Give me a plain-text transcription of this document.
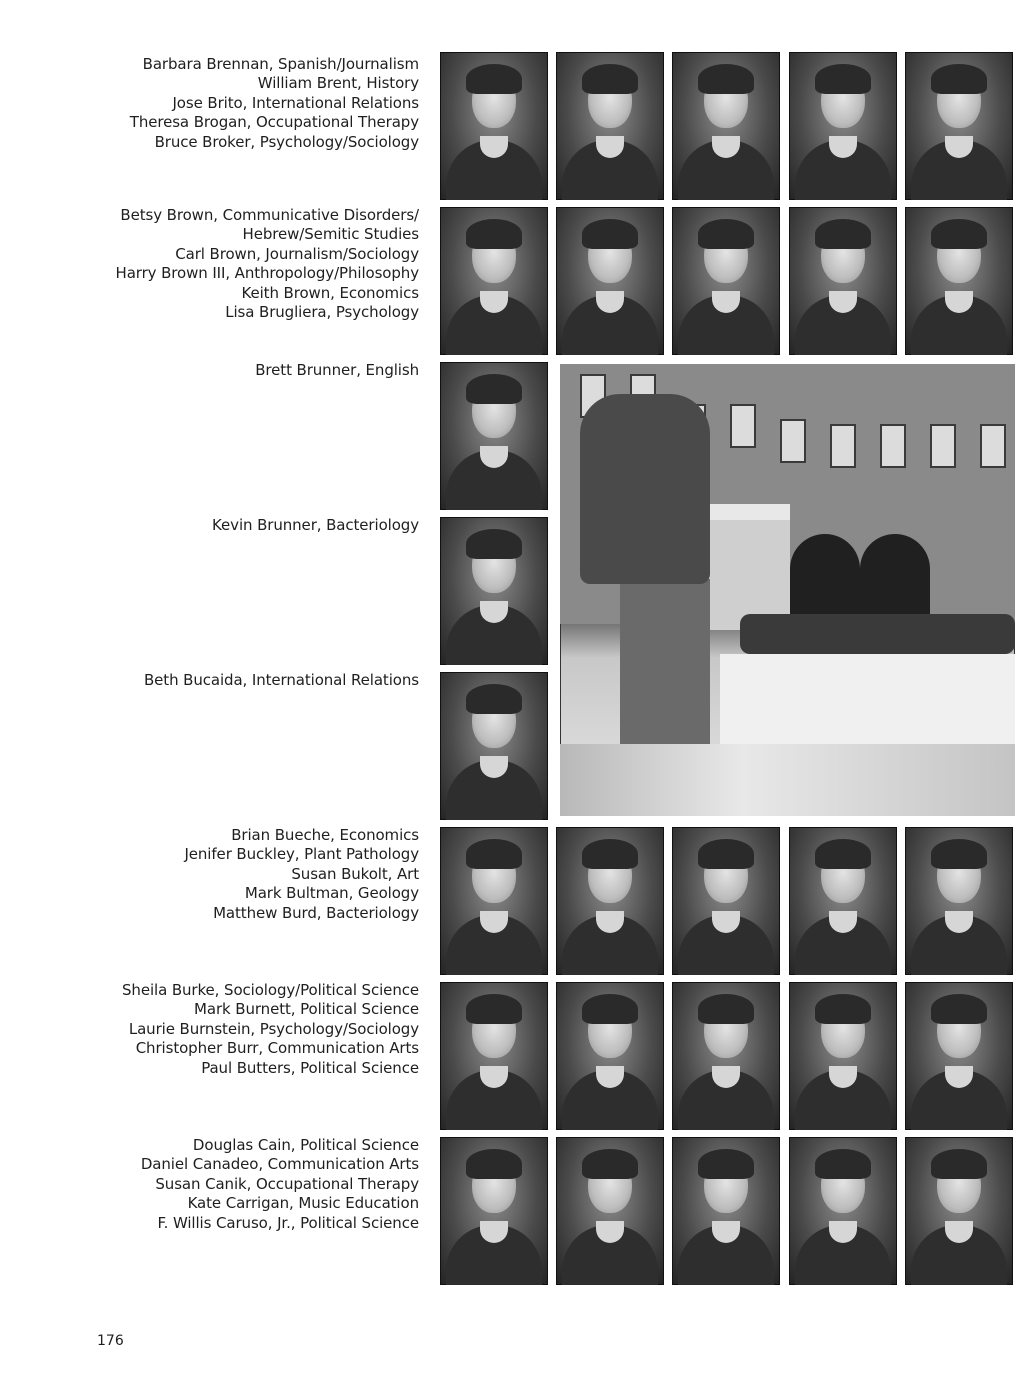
Barbara Brennan, Spanish/Journalism
William Brent, History
Jose Brito, International Relations
Theresa Brogan, Occupational Therapy
Bruce Broker, Psychology/Sociology
Betsy Brown, Communicative Disorders/
Hebrew/Semitic Studies
Carl Brown, Journalism/Sociology
Harry Brown III, Anthropology/Philosophy
Keith Brown, Economics
Lisa Brugliera, Psychology
Brett Brunner, English
Kevin Brunner, Bacteriology
Beth Bucaida, International Relations
Brian Bueche, Economics
Jenifer Buckley, Plant Pathology
Susan Bukolt, Art
Mark Bultman, Geology
Matthew Burd, Bacteriology
Sheila Burke, Sociology/Political Science
Mark Burnett, Political Science
Laurie Burnstein, Psychology/Sociology
Christopher Burr, Communication Arts
Paul Butters, Political Science
Douglas Cain, Political Science
Daniel Canadeo, Communication Arts
Susan Canik, Occupational Therapy
Kate Carrigan, Music Education
F. Willis Caruso, Jr., Political Science
176
